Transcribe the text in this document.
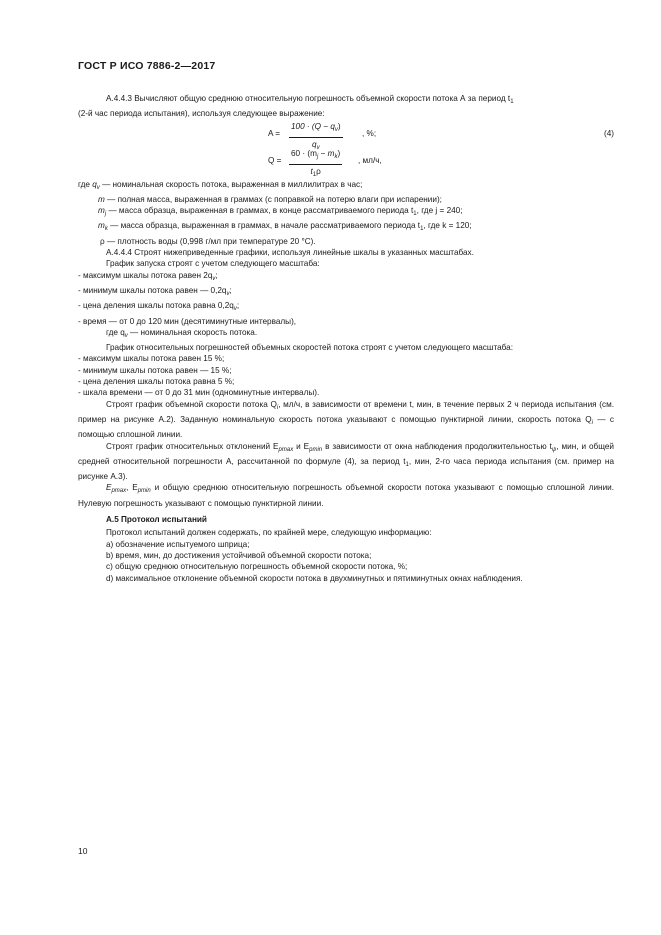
ГОСТ Р ИСО 7886-2—2017

А.4.4.3 Вычисляют общую среднюю относительную погрешность объемной скорости потока А за период $t_1$

(2-й час периода испытания), используя следующее выражение:

$A = \frac{100 \cdot (Q - q_v)}{q_v}$ , %;	(4)
$Q = \frac{60 \cdot (m_j - m_k)}{t_1\rho}$ , мл/ч,

где $q_v$ — номинальная скорость потока, выраженная в миллилитрах в час;

m — полная масса, выраженная в граммах (с поправкой на потерю влаги при испарении);

$m_j$ — масса образца, выраженная в граммах, в конце рассматриваемого периода $t_1$, где j = 240;

$m_k$ — масса образца, выраженная в граммах, в начале рассматриваемого периода $t_1$, где k = 120;

ρ — плотность воды (0,998 г/мл при температуре 20 °C).

А.4.4.4 Строят нижеприведенные графики, используя линейные шкалы в указанных масштабах.

График запуска строят с учетом следующего масштаба:

- максимум шкалы потока равен $2q_v$;

- минимум шкалы потока равен — $0,2q_v$;

- цена деления шкалы потока равна $0,2q_v$;

- время — от 0 до 120 мин (десятиминутные интервалы),

где $q_v$ — номинальная скорость потока.

График относительных погрешностей объемных скоростей потока строят с учетом следующего масштаба:

- максимум шкалы потока равен 15 %;

- минимум шкалы потока равен — 15 %;

- цена деления шкалы потока равна 5 %;

- шкала времени — от 0 до 31 мин (одноминутные интервалы).

Строят график объемной скорости потока $Q_i$, мл/ч, в зависимости от времени t, мин, в течение первых 2 ч периода испытания (см. пример на рисунке А.2). Заданную номинальную скорость потока указывают с помощью пунктирной линии, скорость потока $Q_i$ — с помощью сплошной линии.

Строят график относительных отклонений $E_{pmax}$ и $E_{pmin}$ в зависимости от окна наблюдения продолжительностью $t_\psi$, мин, и общей средней относительной погрешности A, рассчитанной по формуле (4), за период $t_1$, мин, 2-го часа периода испытания (см. пример на рисунке А.3).

$E_{pmax}$, $E_{pmin}$ и общую среднюю относительную погрешность объемной скорости потока указывают с помощью сплошной линии. Нулевую погрешность указывают с помощью пунктирной линии.

А.5 Протокол испытаний

Протокол испытаний должен содержать, по крайней мере, следующую информацию:

a) обозначение испытуемого шприца;

b) время, мин, до достижения устойчивой объемной скорости потока;

c) общую среднюю относительную погрешность объемной скорости потока, %;

d) максимальное отклонение объемной скорости потока в двухминутных и пятиминутных окнах наблюдения.

10
